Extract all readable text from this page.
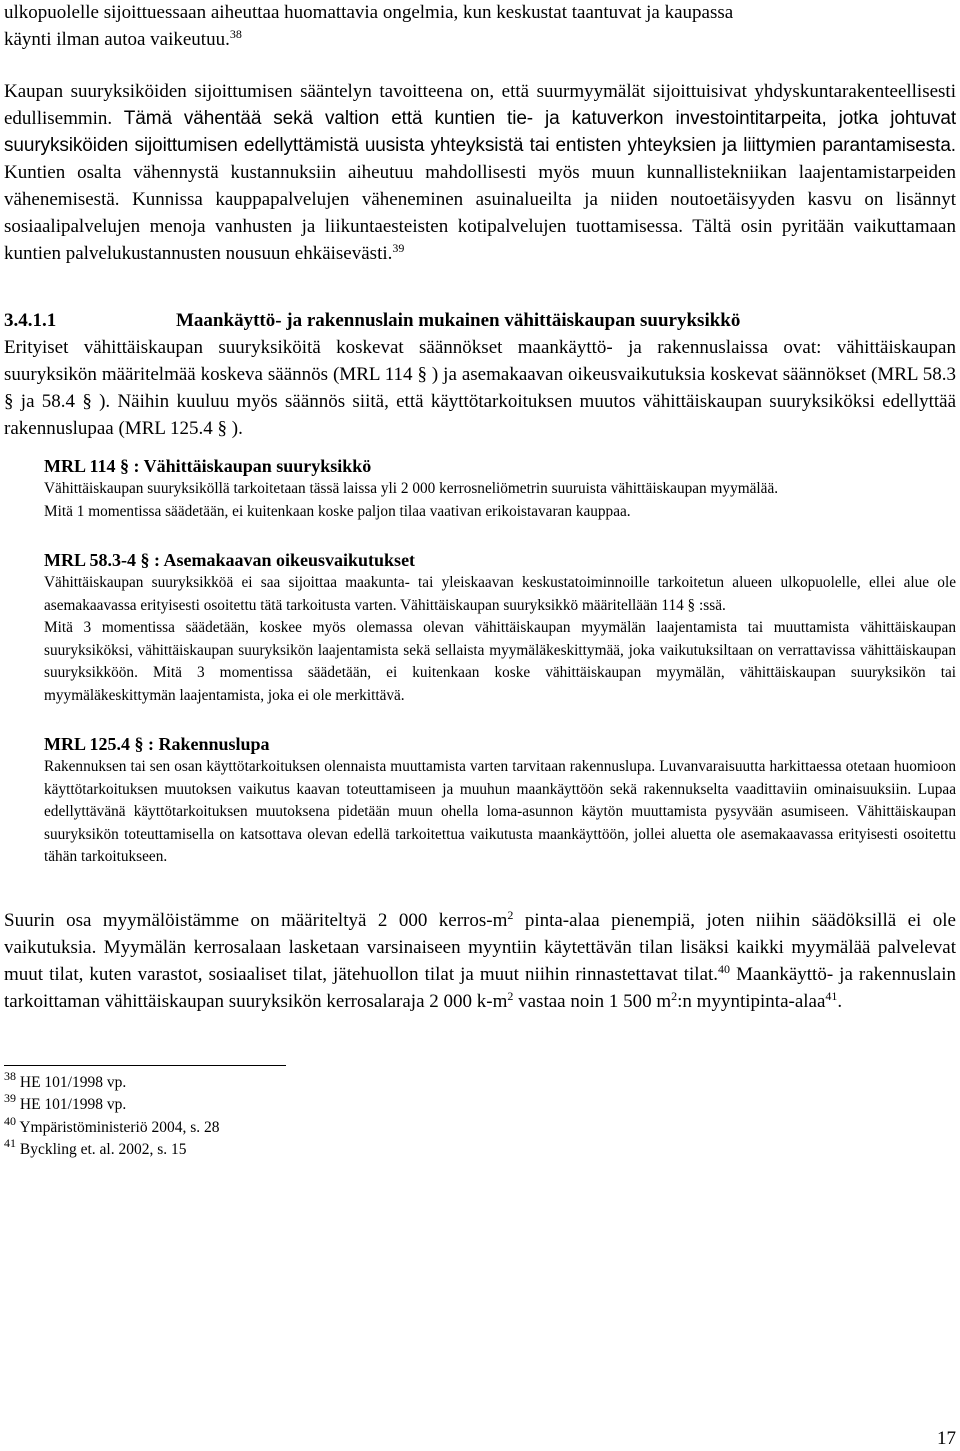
ulkopuolelle sijoittuessaan aiheuttaa huomattavia ongelmia, kun keskustat taantuvat ja kaupassa
käynti ilman autoa vaikeutuu.$^{38}$

Kaupan suuryksiköiden sijoittumisen sääntelyn tavoitteena on, että suurmyymälät sijoittuisivat yhdyskuntarakenteellisesti edullisemmin. Tämä vähentää sekä valtion että kuntien tie- ja katuverkon investointitarpeita, jotka johtuvat suuryksiköiden sijoittumisen edellyttämistä uusista yhteyksistä tai entisten yhteyksien ja liittymien parantamisesta. Kuntien osalta vähennystä kustannuksiin aiheutuu mahdollisesti myös muun kunnallistekniikan laajentamistarpeiden vähenemisestä. Kunnissa kauppapalvelujen väheneminen asuinalueilta ja niiden noutoetäisyyden kasvu on lisännyt sosiaalipalvelujen menoja vanhusten ja liikuntaesteisten kotipalvelujen tuottamisessa. Tältä osin pyritään vaikuttamaan kuntien palvelukustannusten nousuun ehkäisevästi.$^{39}$

3.4.1.1	Maankäyttö- ja rakennuslain mukainen vähittäiskaupan suuryksikkö

Erityiset vähittäiskaupan suuryksiköitä koskevat säännökset maankäyttö- ja rakennuslaissa ovat: vähittäiskaupan suuryksikön määritelmää koskeva säännös (MRL 114 § ) ja asemakaavan oikeusvaikutuksia koskevat säännökset (MRL 58.3 § ja 58.4 § ). Näihin kuuluu myös säännös siitä, että käyttötarkoituksen muutos vähittäiskaupan suuryksiköksi edellyttää rakennuslupaa (MRL 125.4 § ).

MRL 114 § : Vähittäiskaupan suuryksikkö

Vähittäiskaupan suuryksiköllä tarkoitetaan tässä laissa yli 2 000 kerrosneliömetrin suuruista vähittäiskaupan myymälää.

Mitä 1 momentissa säädetään, ei kuitenkaan koske paljon tilaa vaativan erikoistavaran kauppaa.

MRL 58.3-4 § : Asemakaavan oikeusvaikutukset

Vähittäiskaupan suuryksikköä ei saa sijoittaa maakunta- tai yleiskaavan keskustatoiminnoille tarkoitetun alueen ulkopuolelle, ellei alue ole asemakaavassa erityisesti osoitettu tätä tarkoitusta varten. Vähittäiskaupan suuryksikkö määritellään 114 § :ssä.

Mitä 3 momentissa säädetään, koskee myös olemassa olevan vähittäiskaupan myymälän laajentamista tai muuttamista vähittäiskaupan suuryksiköksi, vähittäiskaupan suuryksikön laajentamista sekä sellaista myymäläkeskittymää, joka vaikutuksiltaan on verrattavissa vähittäiskaupan suuryksikköön. Mitä 3 momentissa säädetään, ei kuitenkaan koske vähittäiskaupan myymälän, vähittäiskaupan suuryksikön tai myymäläkeskittymän laajentamista, joka ei ole merkittävä.

MRL 125.4 § : Rakennuslupa

Rakennuksen tai sen osan käyttötarkoituksen olennaista muuttamista varten tarvitaan rakennuslupa. Luvanvaraisuutta harkittaessa otetaan huomioon käyttötarkoituksen muutoksen vaikutus kaavan toteuttamiseen ja muuhun maankäyttöön sekä rakennukselta vaadittaviin ominaisuuksiin. Lupaa edellyttävänä käyttötarkoituksen muutoksena pidetään muun ohella loma-asunnon käytön muuttamista pysyvään asumiseen. Vähittäiskaupan suuryksikön toteuttamisella on katsottava olevan edellä tarkoitettua vaikutusta maankäyttöön, jollei aluetta ole asemakaavassa erityisesti osoitettu tähän tarkoitukseen.

Suurin osa myymälöistämme on määriteltyä 2 000 kerros-$m^2$ pinta-alaa pienempiä, joten niihin säädöksillä ei ole vaikutuksia. Myymälän kerrosalaan lasketaan varsinaiseen myyntiin käytettävän tilan lisäksi kaikki myymälää palvelevat muut tilat, kuten varastot, sosiaaliset tilat, jätehuollon tilat ja muut niihin rinnastettavat tilat.$^{40}$ Maankäyttö- ja rakennuslain tarkoittaman vähittäiskaupan suuryksikön kerrosalaraja 2 000 $k-m^2$ vastaa noin 1 500 $m^2:n$ myyntipinta-alaa$^{41}$.

$^{38}$ HE 101/1998 vp.
$^{39}$ HE 101/1998 vp.
$^{40}$ Ympäristöministeriö 2004, s. 28
$^{41}$ Byckling et. al. 2002, s. 15
17
